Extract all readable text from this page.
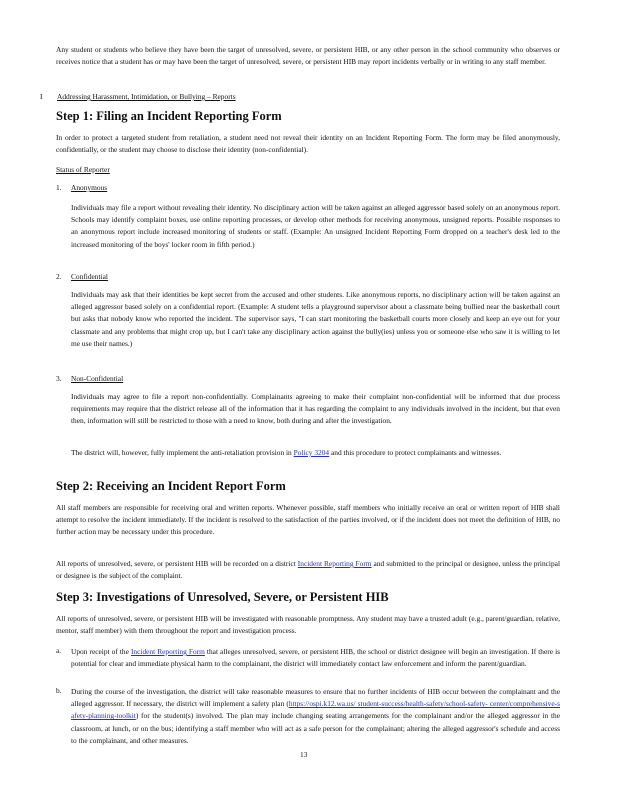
Any student or students who believe they have been the target of unresolved, severe, or persistent HIB, or any other person in the school community who observes or receives notice that a student has or may have been the target of unresolved, severe, or persistent HIB may report incidents verbally or in writing to any staff member.

I Addressing Harassment, Intimidation, or Bullying – Reports

Step 1: Filing an Incident Reporting Form

In order to protect a targeted student from retaliation, a student need not reveal their identity on an Incident Reporting Form. The form may be filed anonymously, confidentially, or the student may choose to disclose their identity (non-confidential).

Status of Reporter

1. Anonymous

Individuals may file a report without revealing their identity. No disciplinary action will be taken against an alleged aggressor based solely on an anonymous report. Schools may identify complaint boxes, use online reporting processes, or develop other methods for receiving anonymous, unsigned reports. Possible responses to an anonymous report include increased monitoring of students or staff. (Example: An unsigned Incident Reporting Form dropped on a teacher's desk led to the increased monitoring of the boys' locker room in fifth period.)

2. Confidential

Individuals may ask that their identities be kept secret from the accused and other students. Like anonymous reports, no disciplinary action will be taken against an alleged aggressor based solely on a confidential report. (Example: A student tells a playground supervisor about a classmate being bullied near the basketball court but asks that nobody know who reported the incident. The supervisor says, "I can start monitoring the basketball courts more closely and keep an eye out for your classmate and any problems that might crop up, but I can't take any disciplinary action against the bully(ies) unless you or someone else who saw it is willing to let me use their names.)

3. Non-Confidential

Individuals may agree to file a report non-confidentially. Complainants agreeing to make their complaint non-confidential will be informed that due process requirements may require that the district release all of the information that it has regarding the complaint to any individuals involved in the incident, but that even then, information will still be restricted to those with a need to know, both during and after the investigation.

The district will, however, fully implement the anti-retaliation provision in Policy 3204 and this procedure to protect complainants and witnesses.

Step 2: Receiving an Incident Report Form

All staff members are responsible for receiving oral and written reports. Whenever possible, staff members who initially receive an oral or written report of HIB shall attempt to resolve the incident immediately. If the incident is resolved to the satisfaction of the parties involved, or if the incident does not meet the definition of HIB, no further action may be necessary under this procedure.

All reports of unresolved, severe, or persistent HIB will be recorded on a district Incident Reporting Form and submitted to the principal or designee, unless the principal or designee is the subject of the complaint.

Step 3: Investigations of Unresolved, Severe, or Persistent HIB

All reports of unresolved, severe, or persistent HIB will be investigated with reasonable promptness. Any student may have a trusted adult (e.g., parent/guardian, relative, mentor, staff member) with them throughout the report and investigation process.

a. Upon receipt of the Incident Reporting Form that alleges unresolved, severe, or persistent HIB, the school or district designee will begin an investigation. If there is potential for clear and immediate physical harm to the complainant, the district will immediately contact law enforcement and inform the parent/guardian.

b. During the course of the investigation, the district will take reasonable measures to ensure that no further incidents of HIB occur between the complainant and the alleged aggressor. If necessary, the district will implement a safety plan (https://ospi.k12.wa.us/ student-success/health-safety/school-safety- center/comprehensive-s afety-planning-toolkit) for the student(s) involved. The plan may include changing seating arrangements for the complainant and/or the alleged aggressor in the classroom, at lunch, or on the bus; identifying a staff member who will act as a safe person for the complainant; altering the alleged aggressor's schedule and access to the complainant, and other measures.

13
